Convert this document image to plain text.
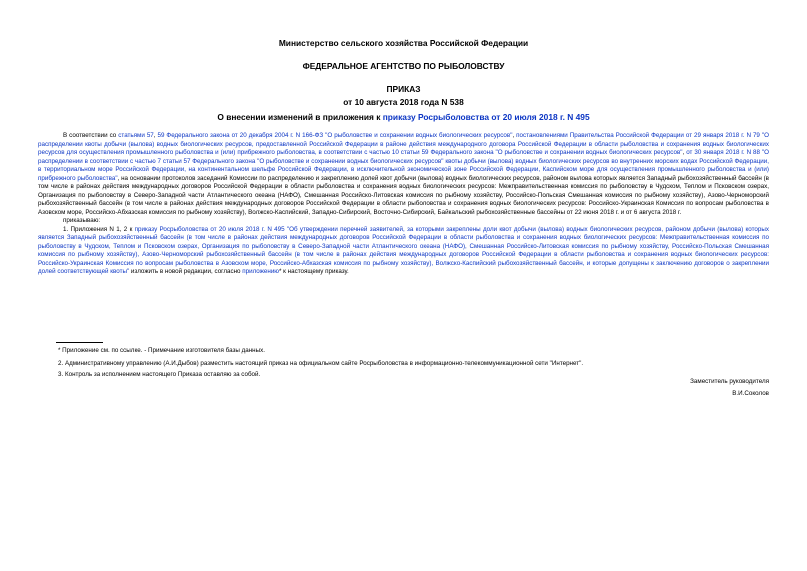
Министерство сельского хозяйства Российской Федерации
ФЕДЕРАЛЬНОЕ АГЕНТСТВО ПО РЫБОЛОВСТВУ
ПРИКАЗ
от 10 августа 2018 года N 538
О внесении изменений в приложения к приказу Росрыболовства от 20 июля 2018 г. N 495

В соответствии со статьями 57, 59 Федерального закона от 20 декабря 2004 г. N 166-ФЗ "О рыболовстве и сохранении водных биологических ресурсов", постановлениями Правительства Российской Федерации от 29 января 2018 г. N 79 "О распределении квоты добычи (вылова) водных биологических ресурсов, предоставленной Российской Федерации в районе действия международного договора Российской Федерации в области рыболовства и сохранения водных биологических ресурсов для осуществления промышленного рыболовства и (или) прибрежного рыболовства, в соответствии с частью 10 статьи 59 Федерального закона "О рыболовстве и сохранении водных биологических ресурсов", от 30 января 2018 г. N 88 "О распределении в соответствии с частью 7 статьи 57 Федерального закона "О рыболовстве и сохранении водных биологических ресурсов" квоты добычи (вылова) водных биологических ресурсов во внутренних морских водах Российской Федерации, в территориальном море Российской Федерации, на континентальном шельфе Российской Федерации, в исключительной экономической зоне Российской Федерации, Каспийском море для осуществления промышленного рыболовства и (или) прибрежного рыболовства", на основании протоколов заседаний Комиссии по распределению и закреплению долей квот добычи (вылова) водных биологических ресурсов, районом вылова которых является Западный рыбохозяйственный бассейн (в том числе в районах действия международных договоров Российской Федерации в области рыболовства и сохранения водных биологических ресурсов: Межправительственная комиссия по рыболовству в Чудском, Теплом и Псковском озерах, Организация по рыболовству в Северо-Западной части Атлантического океана (НАФО), Смешанная Российско-Литовская комиссия по рыбному хозяйству, Российско-Польская Смешанная комиссия по рыбному хозяйству), Азово-Черноморский рыбохозяйственный бассейн (в том числе в районах действия международных договоров Российской Федерации в области рыболовства и сохранения водных биологических ресурсов: Российско-Украинская Комиссия по вопросам рыболовства в Азовском море, Российско-Абхазская комиссия по рыбному хозяйству), Волжско-Каспийский, Западно-Сибирский, Восточно-Сибирский, Байкальский рыбохозяйственные бассейны от 22 июня 2018 г. и от 6 августа 2018 г.

приказываю:

1. Приложения N 1, 2 к приказу Росрыболовства от 20 июля 2018 г. N 495 "Об утверждении перечней заявителей, за которыми закреплены доли квот добычи (вылова) водных биологических ресурсов, районом добычи (вылова) которых является Западный рыбохозяйственный бассейн (в том числе в районах действия международных договоров Российской Федерации в области рыболовства и сохранения водных биологических ресурсов: Межправительственная комиссия по рыболовству в Чудском, Теплом и Псковском озерах, Организация по рыболовству в Северо-Западной части Атлантического океана (НАФО), Смешанная Российско-Литовская комиссия по рыбному хозяйству, Российско-Польская Смешанная комиссия по рыбному хозяйству), Азово-Черноморский рыбохозяйственный бассейн (в том числе в районах действия международных договоров Российской Федерации в области рыболовства и сохранения водных биологических ресурсов: Российско-Украинская Комиссия по вопросам рыболовства в Азовском море, Российско-Абхазская комиссия по рыбному хозяйству), Волжско-Каспийский рыбохозяйственный бассейн, и которые допущены к заключению договоров о закреплении долей соответствующей квоты" изложить в новой редакции, согласно приложению* к настоящему приказу.

* Приложение см. по ссылке. - Примечание изготовителя базы данных.
2. Административному управлению (А.И.Дыбов) разместить настоящий приказ на официальном сайте Росрыболовства в информационно-телекоммуникационной сети "Интернет".
3. Контроль за исполнением настоящего Приказа оставляю за собой.
Заместитель руководителя
В.И.Соколов
